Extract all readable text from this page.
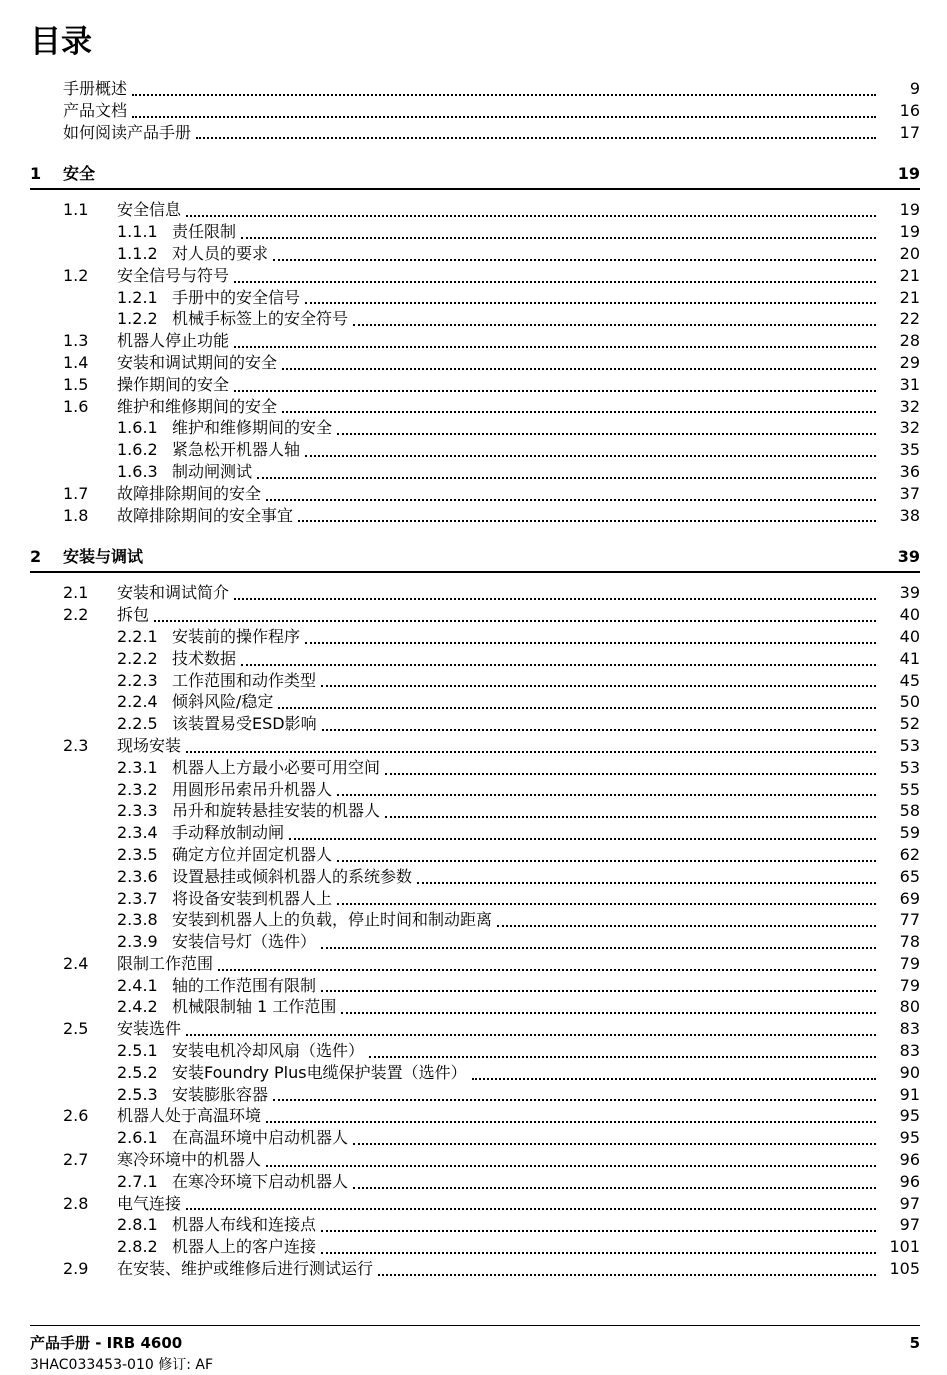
目录
手册概述	9
产品文档	16
如何阅读产品手册	17
1	安全	19
1.1	安全信息	19
1.1.1 责任限制	19
1.1.2 对人员的要求	20
1.2	安全信号与符号	21
1.2.1 手册中的安全信号	21
1.2.2 机械手标签上的安全符号	22
1.3	机器人停止功能	28
1.4	安装和调试期间的安全	29
1.5	操作期间的安全	31
1.6	维护和维修期间的安全	32
1.6.1 维护和维修期间的安全	32
1.6.2 紧急松开机器人轴	35
1.6.3 制动闸测试	36
1.7	故障排除期间的安全	37
1.8	故障排除期间的安全事宜	38
2	安装与调试	39
2.1	安装和调试简介	39
2.2	拆包	40
2.2.1 安装前的操作程序	40
2.2.2 技术数据	41
2.2.3 工作范围和动作类型	45
2.2.4 倾斜风险/稳定	50
2.2.5 该装置易受ESD影响	52
2.3	现场安装	53
2.3.1 机器人上方最小必要可用空间	53
2.3.2 用圆形吊索吊升机器人	55
2.3.3 吊升和旋转悬挂安装的机器人	58
2.3.4 手动释放制动闸	59
2.3.5 确定方位并固定机器人	62
2.3.6 设置悬挂或倾斜机器人的系统参数	65
2.3.7 将设备安装到机器人上	69
2.3.8 安装到机器人上的负载，停止时间和制动距离	77
2.3.9 安装信号灯（选件）	78
2.4	限制工作范围	79
2.4.1 轴的工作范围有限制	79
2.4.2 机械限制轴 1 工作范围	80
2.5	安装选件	83
2.5.1 安装电机冷却风扇（选件）	83
2.5.2 安装Foundry Plus电缆保护装置（选件）	90
2.5.3 安装膨胀容器	91
2.6	机器人处于高温环境	95
2.6.1 在高温环境中启动机器人	95
2.7	寒冷环境中的机器人	96
2.7.1 在寒冷环境下启动机器人	96
2.8	电气连接	97
2.8.1 机器人布线和连接点	97
2.8.2 机器人上的客户连接	101
2.9	在安装、维护或维修后进行测试运行	105
产品手册 - IRB 4600	5
3HAC033453-010 修订: AF
